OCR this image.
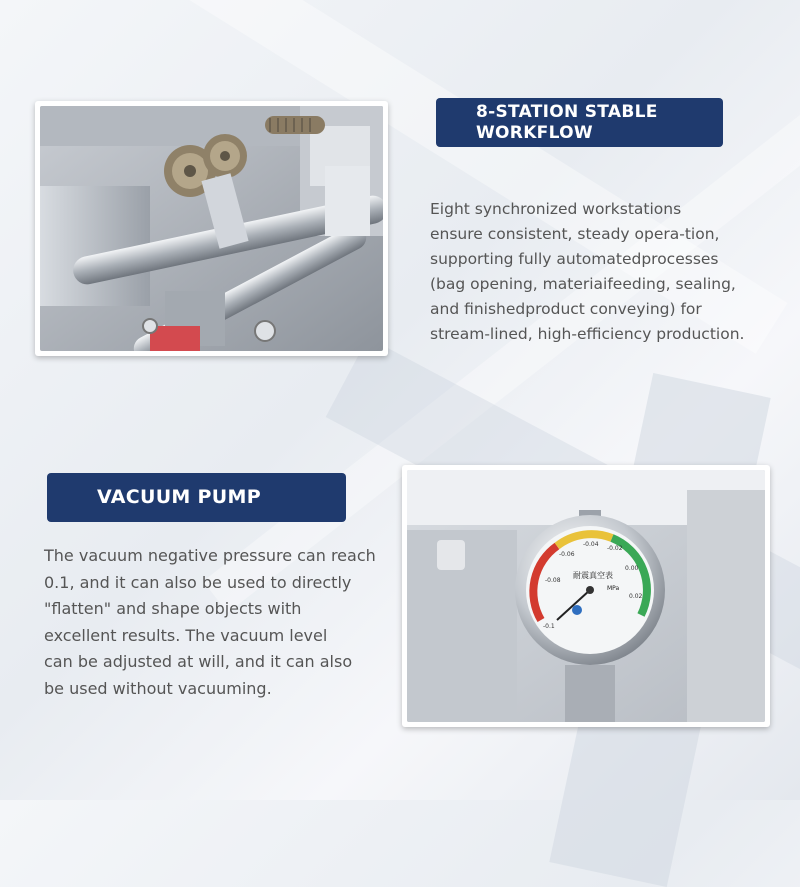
8-STATION STABLE
WORKFLOW

Eight synchronized workstations
ensure consistent, steady opera-tion,
supporting fully automatedprocesses
(bag opening, materiaifeeding, sealing,
and finishedproduct conveying) for
stream-lined, high-efficiency production.

VACUUM PUMP

The vacuum negative pressure can reach
0.1, and it can also be used to directly
"flatten" and shape objects with
excellent results. The vacuum level
can be adjusted at will, and it can also
be used without vacuuming.

-0.1
-0.08
-0.06
-0.04
-0.02
0.00
0.02
耐震真空表
MPa
